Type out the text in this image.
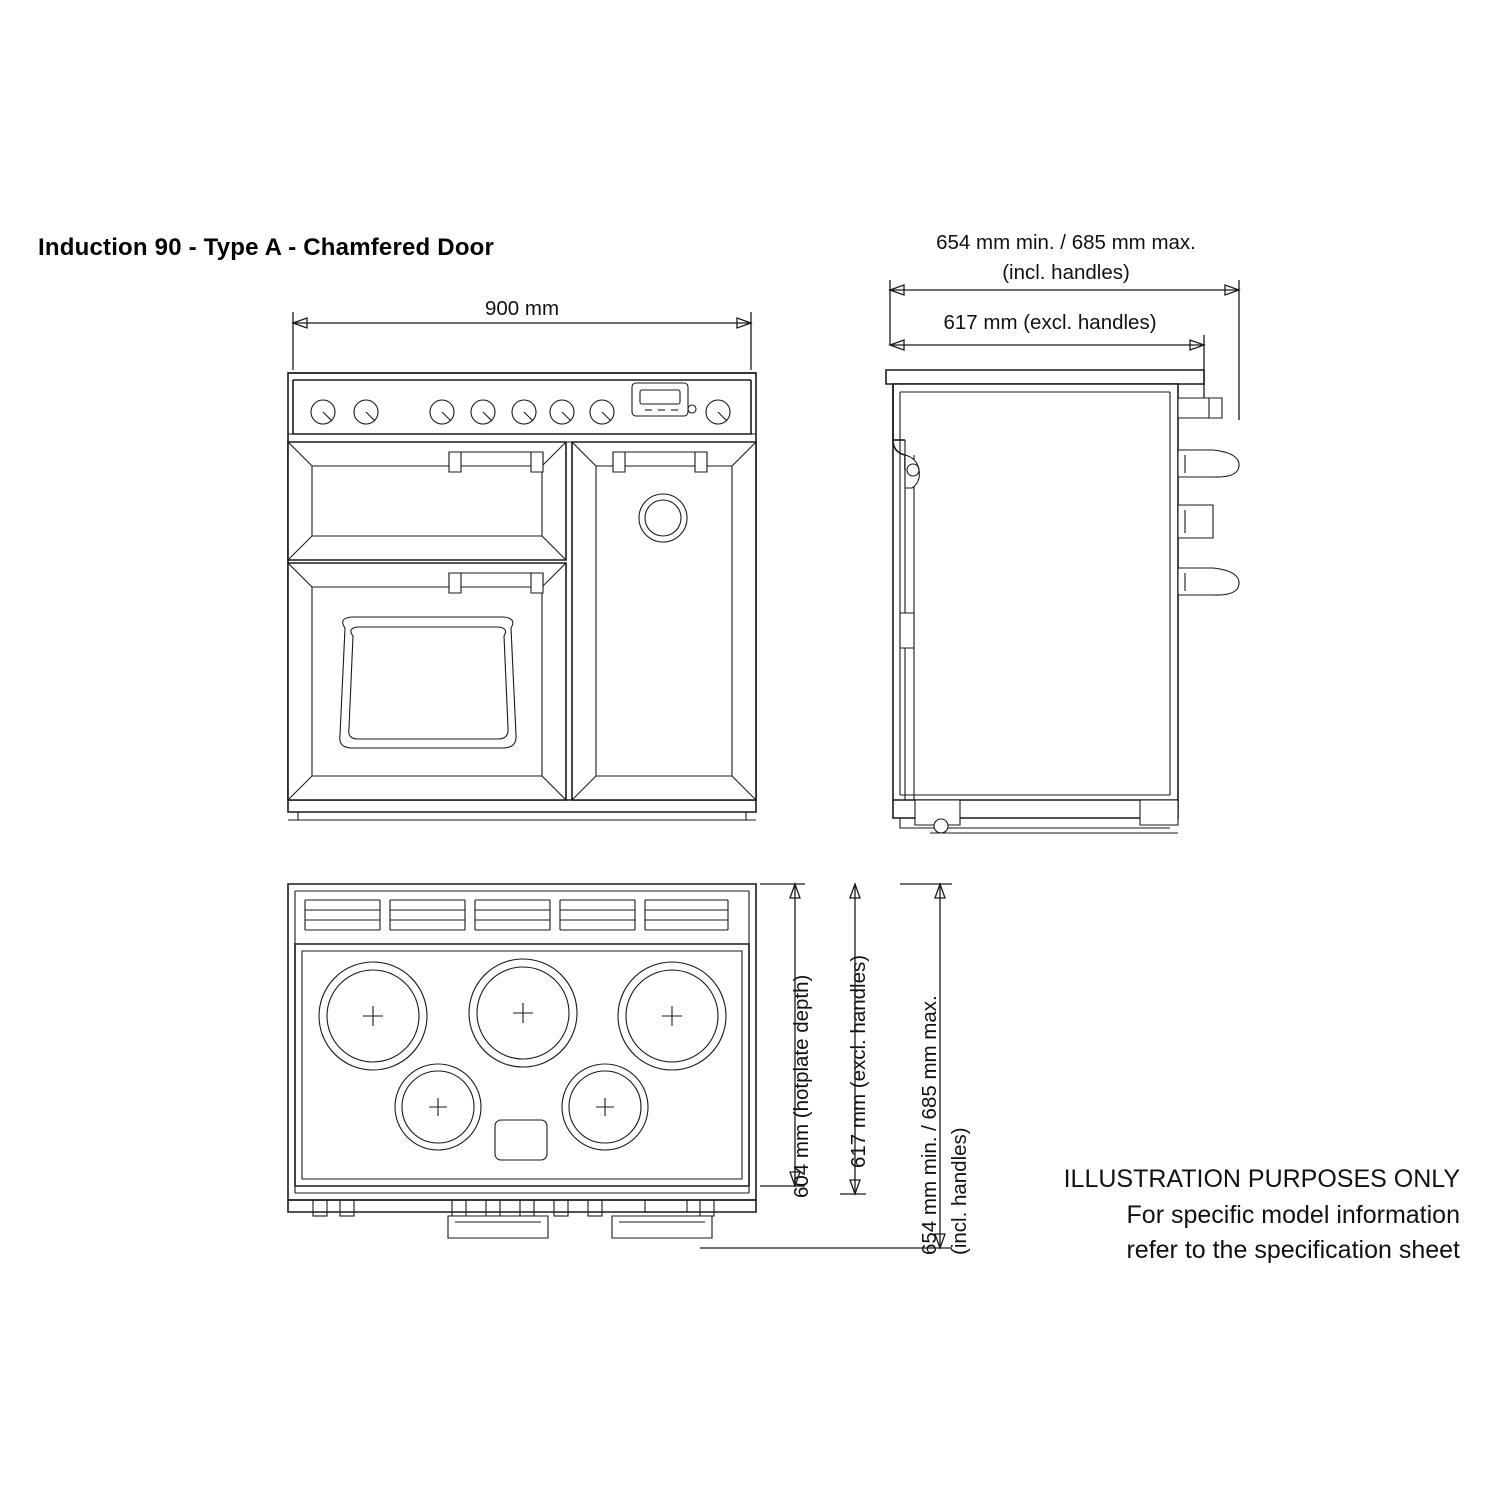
Induction 90 - Type A - Chamfered Door
900 mm
654 mm min. / 685 mm max.
(incl. handles)
617 mm (excl. handles)
604 mm (hotplate depth) 617 mm (excl. handles) 654 mm min. / 685 mm max. (incl. handles)	ILLUSTRATION PURPOSES ONLY
For specific model information
refer to the specification sheet
